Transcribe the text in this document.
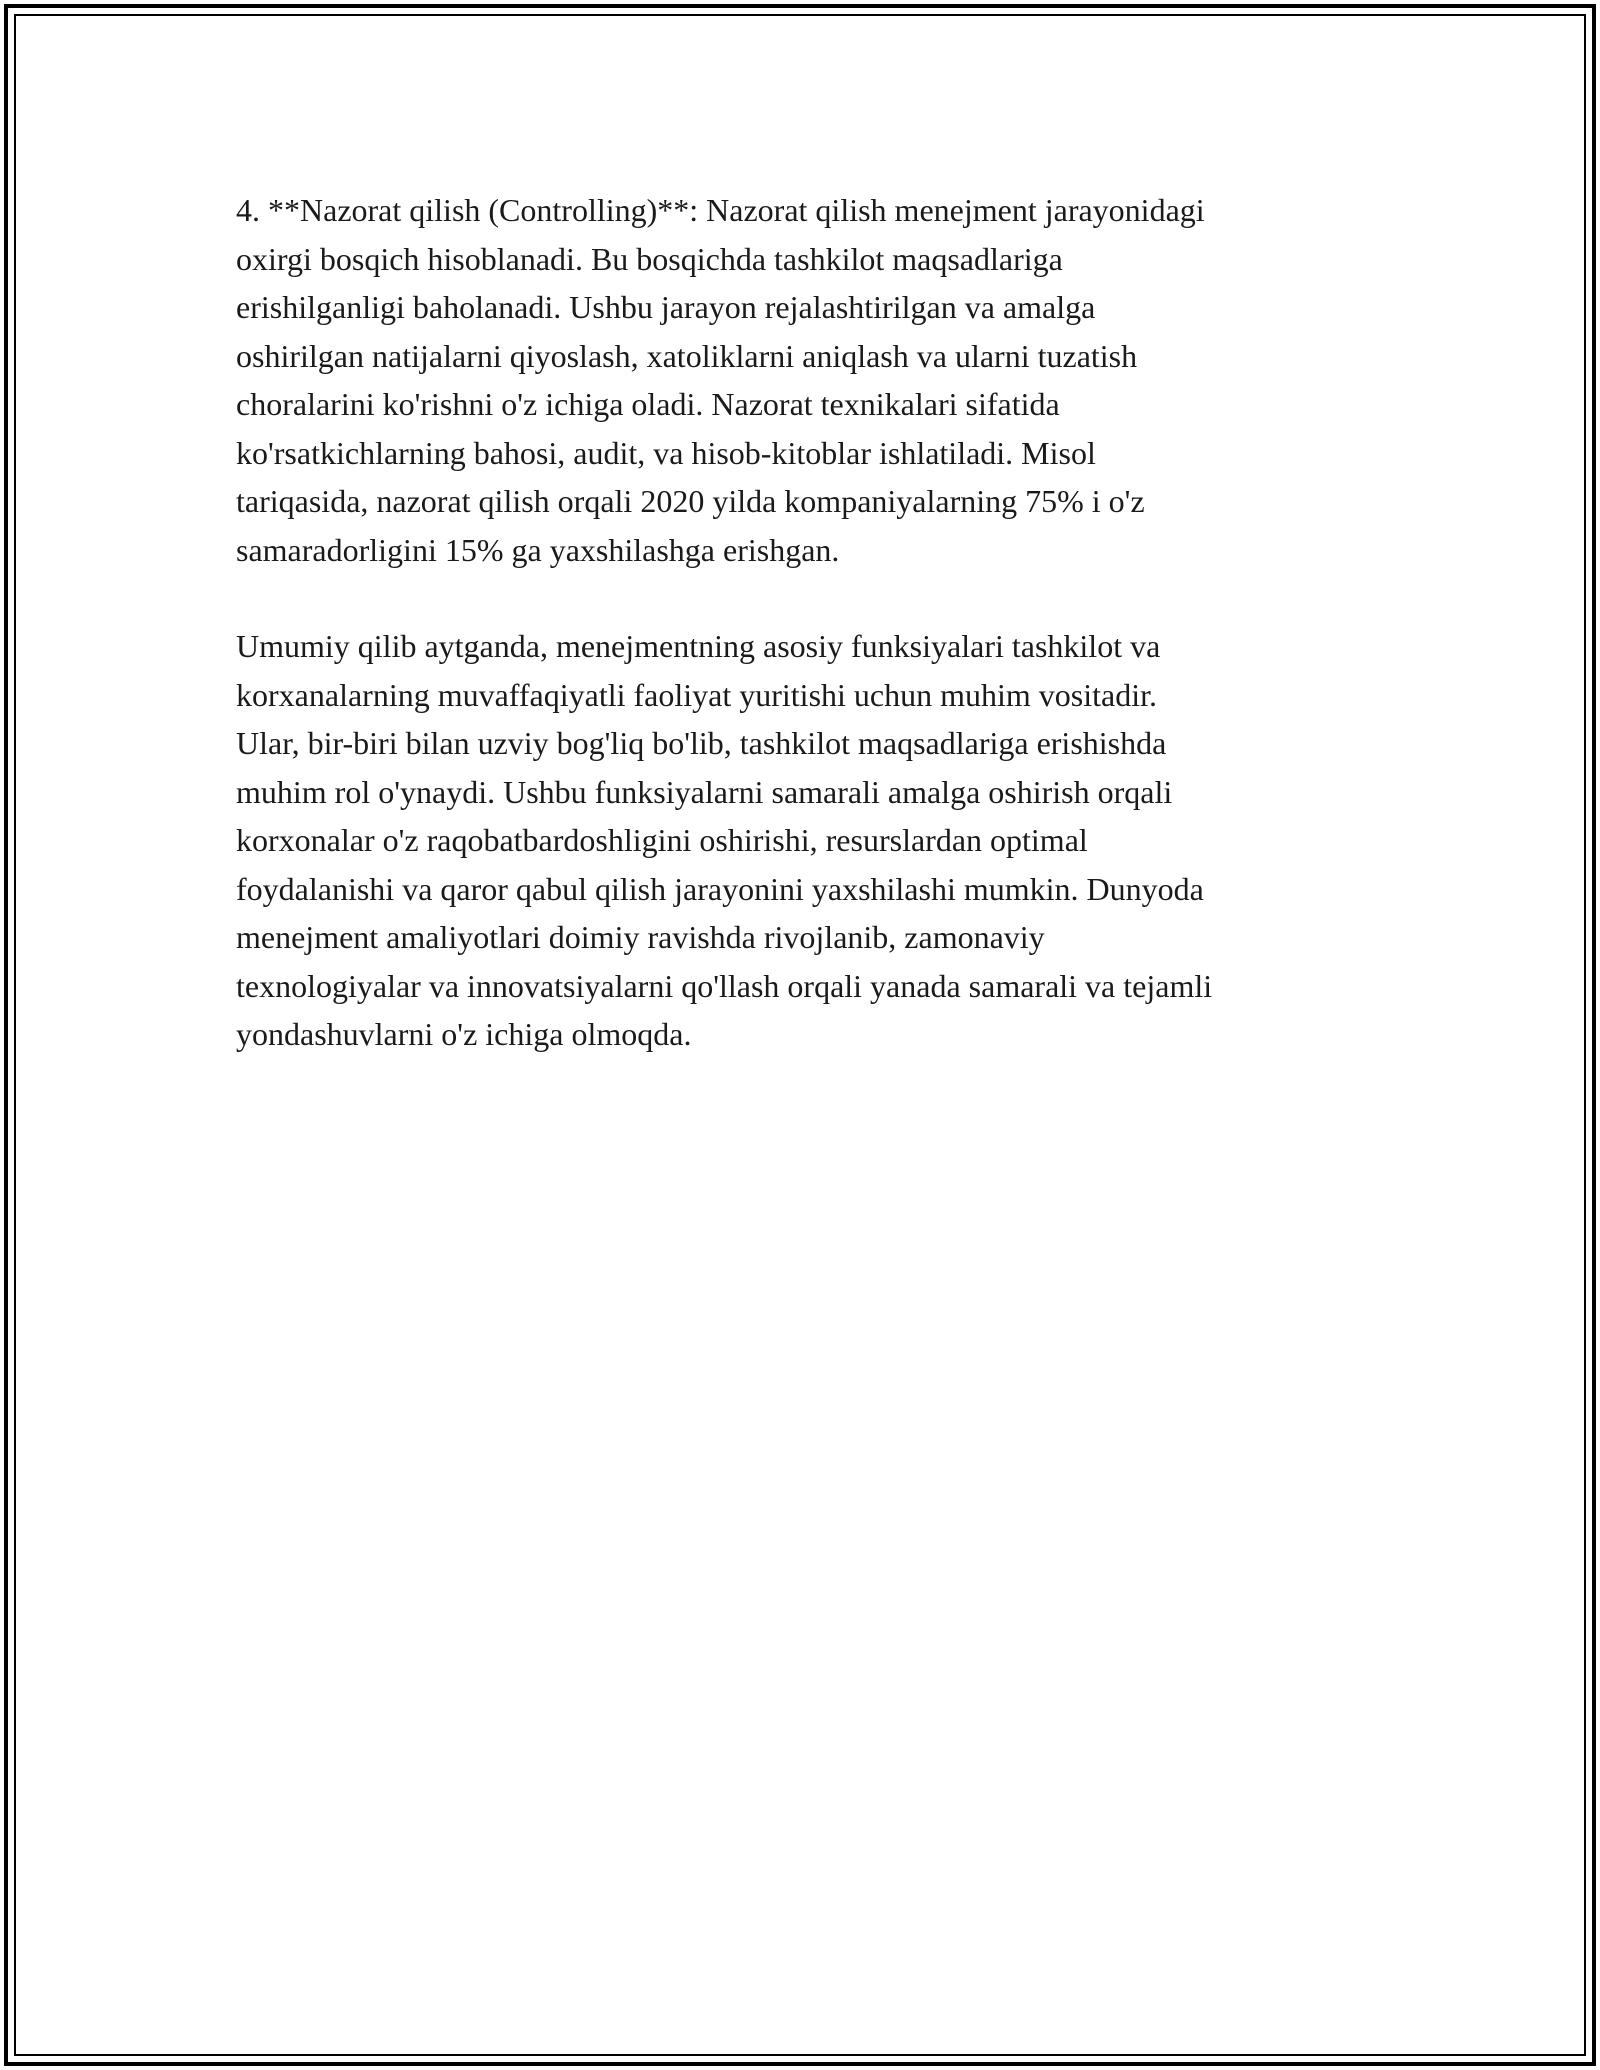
4. **Nazorat qilish (Controlling)**: Nazorat qilish menejment jarayonidagi
oxirgi bosqich hisoblanadi. Bu bosqichda tashkilot maqsadlariga
erishilganligi baholanadi. Ushbu jarayon rejalashtirilgan va amalga
oshirilgan natijalarni qiyoslash, xatoliklarni aniqlash va ularni tuzatish
choralarini ko'rishni o'z ichiga oladi. Nazorat texnikalari sifatida
ko'rsatkichlarning bahosi, audit, va hisob-kitoblar ishlatiladi. Misol
tariqasida, nazorat qilish orqali 2020 yilda kompaniyalarning 75% i o'z
samaradorligini 15% ga yaxshilashga erishgan.

Umumiy qilib aytganda, menejmentning asosiy funksiyalari tashkilot va
korxanalarning muvaffaqiyatli faoliyat yuritishi uchun muhim vositadir.
Ular, bir-biri bilan uzviy bog'liq bo'lib, tashkilot maqsadlariga erishishda
muhim rol o'ynaydi. Ushbu funksiyalarni samarali amalga oshirish orqali
korxonalar o'z raqobatbardoshligini oshirishi, resurslardan optimal
foydalanishi va qaror qabul qilish jarayonini yaxshilashi mumkin. Dunyoda
menejment amaliyotlari doimiy ravishda rivojlanib, zamonaviy
texnologiyalar va innovatsiyalarni qo'llash orqali yanada samarali va tejamli
yondashuvlarni o'z ichiga olmoqda.
